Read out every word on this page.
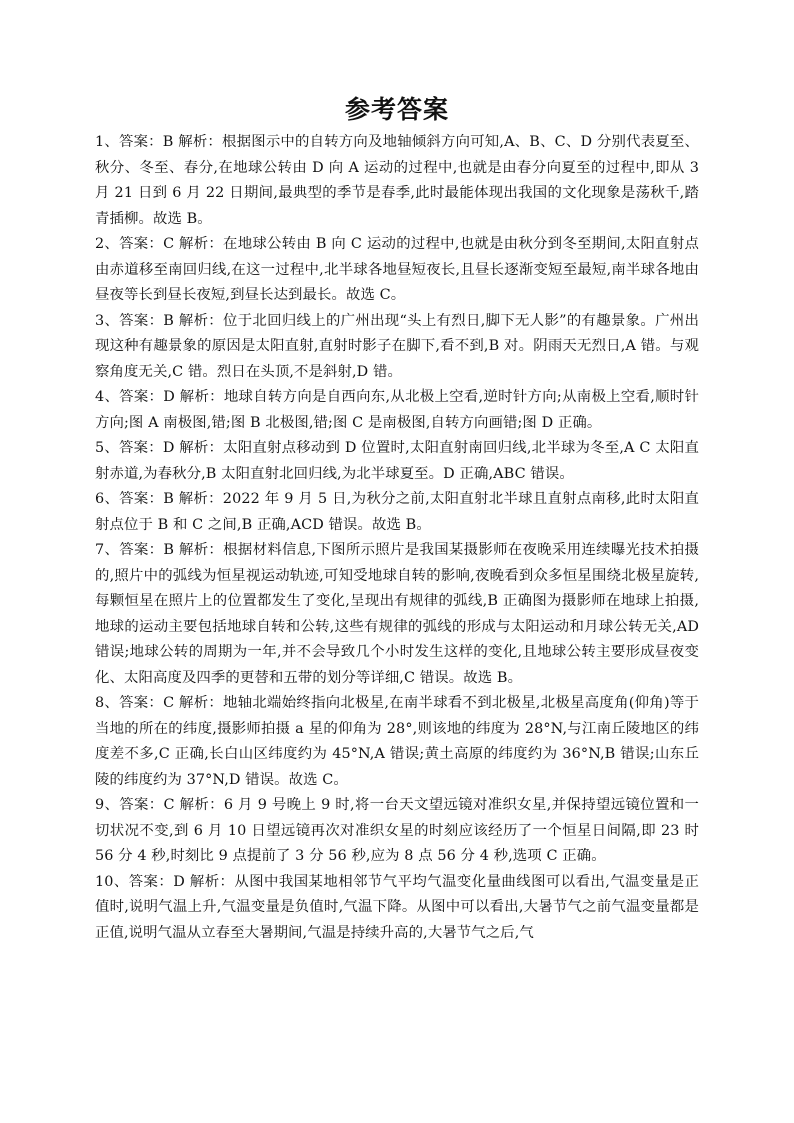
参考答案

1、答案：B 解析：根据图示中的自转方向及地轴倾斜方向可知,A、B、C、D 分别代表夏至、秋分、冬至、春分,在地球公转由 D 向 A 运动的过程中,也就是由春分向夏至的过程中,即从 3 月 21 日到 6 月 22 日期间,最典型的季节是春季,此时最能体现出我国的文化现象是荡秋千,踏青插柳。故选 B。

2、答案：C 解析：在地球公转由 B 向 C 运动的过程中,也就是由秋分到冬至期间,太阳直射点由赤道移至南回归线,在这一过程中,北半球各地昼短夜长,且昼长逐渐变短至最短,南半球各地由昼夜等长到昼长夜短,到昼长达到最长。故选 C。

3、答案：B 解析：位于北回归线上的广州出现“头上有烈日,脚下无人影”的有趣景象。广州出现这种有趣景象的原因是太阳直射,直射时影子在脚下,看不到,B 对。阴雨天无烈日,A 错。与观察角度无关,C 错。烈日在头顶,不是斜射,D 错。

4、答案：D 解析：地球自转方向是自西向东,从北极上空看,逆时针方向;从南极上空看,顺时针方向;图 A 南极图,错;图 B 北极图,错;图 C 是南极图,自转方向画错;图 D 正确。

5、答案：D 解析：太阳直射点移动到 D 位置时,太阳直射南回归线,北半球为冬至,A C 太阳直射赤道,为春秋分,B 太阳直射北回归线,为北半球夏至。D 正确,ABC 错误。

6、答案：B 解析：2022 年 9 月 5 日,为秋分之前,太阳直射北半球且直射点南移,此时太阳直射点位于 B 和 C 之间,B 正确,ACD 错误。故选 B。

7、答案：B 解析：根据材料信息,下图所示照片是我国某摄影师在夜晚采用连续曝光技术拍摄的,照片中的弧线为恒星视运动轨迹,可知受地球自转的影响,夜晚看到众多恒星围绕北极星旋转,每颗恒星在照片上的位置都发生了变化,呈现出有规律的弧线,B 正确图为摄影师在地球上拍摄,地球的运动主要包括地球自转和公转,这些有规律的弧线的形成与太阳运动和月球公转无关,AD 错误;地球公转的周期为一年,并不会导致几个小时发生这样的变化,且地球公转主要形成昼夜变化、太阳高度及四季的更替和五带的划分等详细,C 错误。故选 B。

8、答案：C 解析：地轴北端始终指向北极星,在南半球看不到北极星,北极星高度角(仰角)等于当地的所在的纬度,摄影师拍摄 a 星的仰角为 28°,则该地的纬度为 28°N,与江南丘陵地区的纬度差不多,C 正确,长白山区纬度约为 45°N,A 错误;黄土高原的纬度约为 36°N,B 错误;山东丘陵的纬度约为 37°N,D 错误。故选 C。

9、答案：C 解析：6 月 9 号晚上 9 时,将一台天文望远镜对准织女星,并保持望远镜位置和一切状况不变,到 6 月 10 日望远镜再次对准织女星的时刻应该经历了一个恒星日间隔,即 23 时 56 分 4 秒,时刻比 9 点提前了 3 分 56 秒,应为 8 点 56 分 4 秒,选项 C 正确。

10、答案：D 解析：从图中我国某地相邻节气平均气温变化量曲线图可以看出,气温变量是正值时,说明气温上升,气温变量是负值时,气温下降。从图中可以看出,大暑节气之前气温变量都是正值,说明气温从立春至大暑期间,气温是持续升高的,大暑节气之后,气
